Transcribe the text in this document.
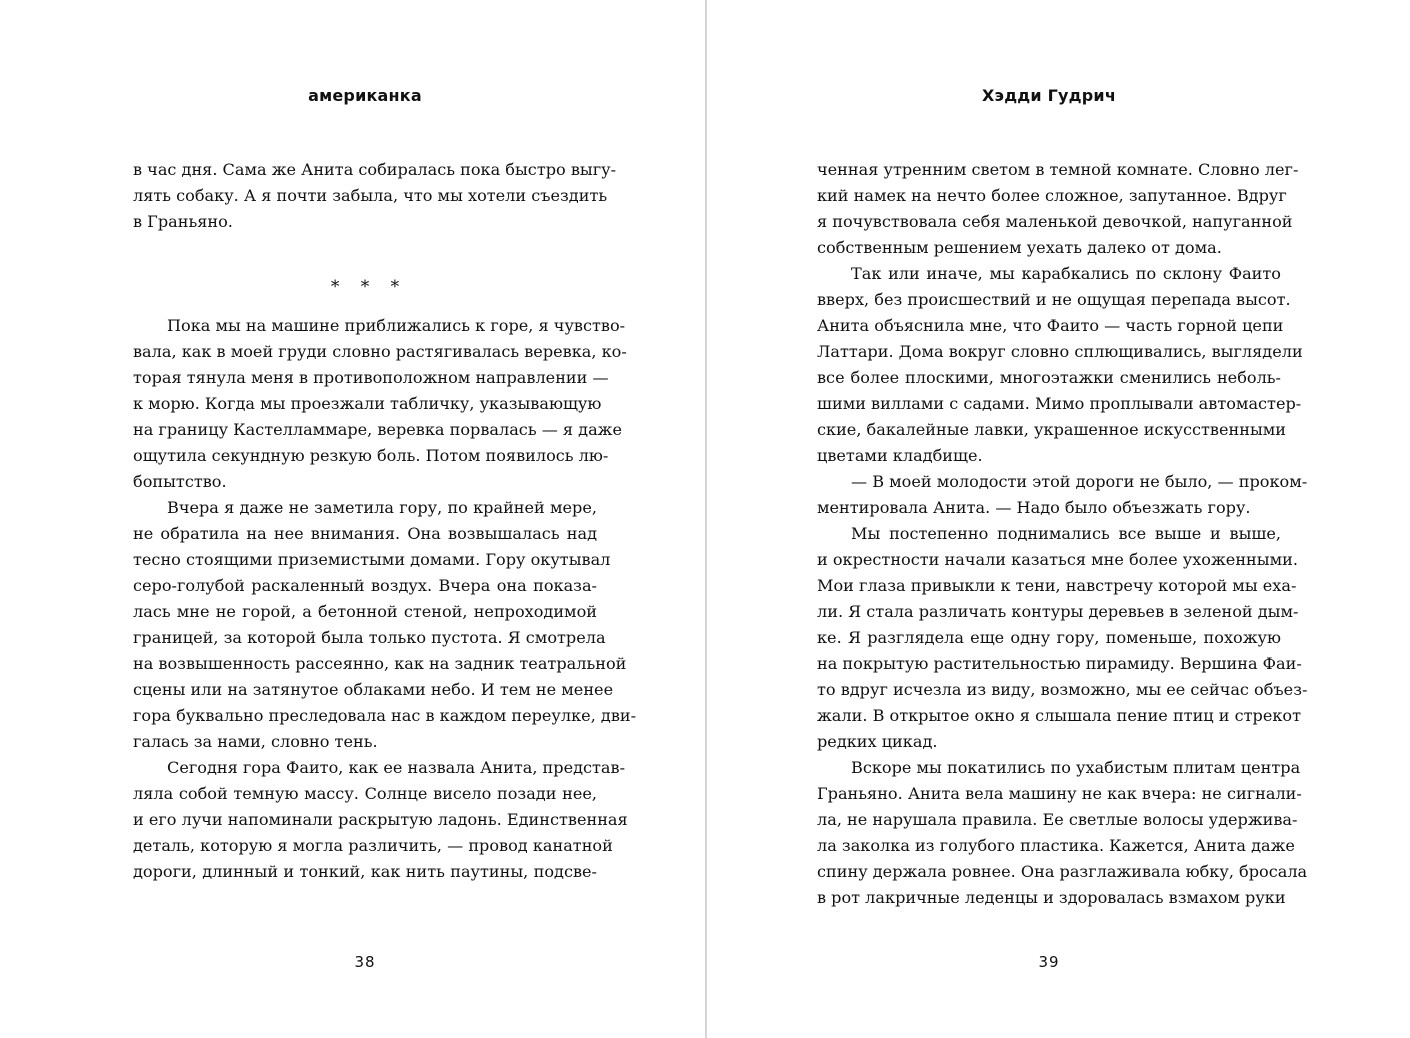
американка
в час дня. Сама же Анита собиралась пока быстро выгу-
лять собаку. А я почти забыла, что мы хотели съездить
в Граньяно.
* * *
Пока мы на машине приближались к горе, я чувство-
вала, как в моей груди словно растягивалась веревка, ко-
торая тянула меня в противоположном направлении —
к морю. Когда мы проезжали табличку, указывающую
на границу Кастелламмаре, веревка порвалась — я даже
ощутила секундную резкую боль. Потом появилось лю-
бопытство.
Вчера я даже не заметила гору, по крайней мере,
не обратила на нее внимания. Она возвышалась над
тесно стоящими приземистыми домами. Гору окутывал
серо-голубой раскаленный воздух. Вчера она показа-
лась мне не горой, а бетонной стеной, непроходимой
границей, за которой была только пустота. Я смотрела
на возвышенность рассеянно, как на задник театральной
сцены или на затянутое облаками небо. И тем не менее
гора буквально преследовала нас в каждом переулке, дви-
галась за нами, словно тень.
Сегодня гора Фаито, как ее назвала Анита, представ-
ляла собой темную массу. Солнце висело позади нее,
и его лучи напоминали раскрытую ладонь. Единственная
деталь, которую я могла различить, — провод канатной
дороги, длинный и тонкий, как нить паутины, подсве-
38
Хэдди Гудрич
ченная утренним светом в темной комнате. Словно лег-
кий намек на нечто более сложное, запутанное. Вдруг
я почувствовала себя маленькой девочкой, напуганной
собственным решением уехать далеко от дома.
Так или иначе, мы карабкались по склону Фаито
вверх, без происшествий и не ощущая перепада высот.
Анита объяснила мне, что Фаито — часть горной цепи
Латтари. Дома вокруг словно сплющивались, выглядели
все более плоскими, многоэтажки сменились неболь-
шими виллами с садами. Мимо проплывали автомастер-
ские, бакалейные лавки, украшенное искусственными
цветами кладбище.
— В моей молодости этой дороги не было, — проком-
ментировала Анита. — Надо было объезжать гору.
Мы постепенно поднимались все выше и выше,
и окрестности начали казаться мне более ухоженными.
Мои глаза привыкли к тени, навстречу которой мы еха-
ли. Я стала различать контуры деревьев в зеленой дым-
ке. Я разглядела еще одну гору, поменьше, похожую
на покрытую растительностью пирамиду. Вершина Фаи-
то вдруг исчезла из виду, возможно, мы ее сейчас объез-
жали. В открытое окно я слышала пение птиц и стрекот
редких цикад.
Вскоре мы покатились по ухабистым плитам центра
Граньяно. Анита вела машину не как вчера: не сигнали-
ла, не нарушала правила. Ее светлые волосы удержива-
ла заколка из голубого пластика. Кажется, Анита даже
спину держала ровнее. Она разглаживала юбку, бросала
в рот лакричные леденцы и здоровалась взмахом руки
39
